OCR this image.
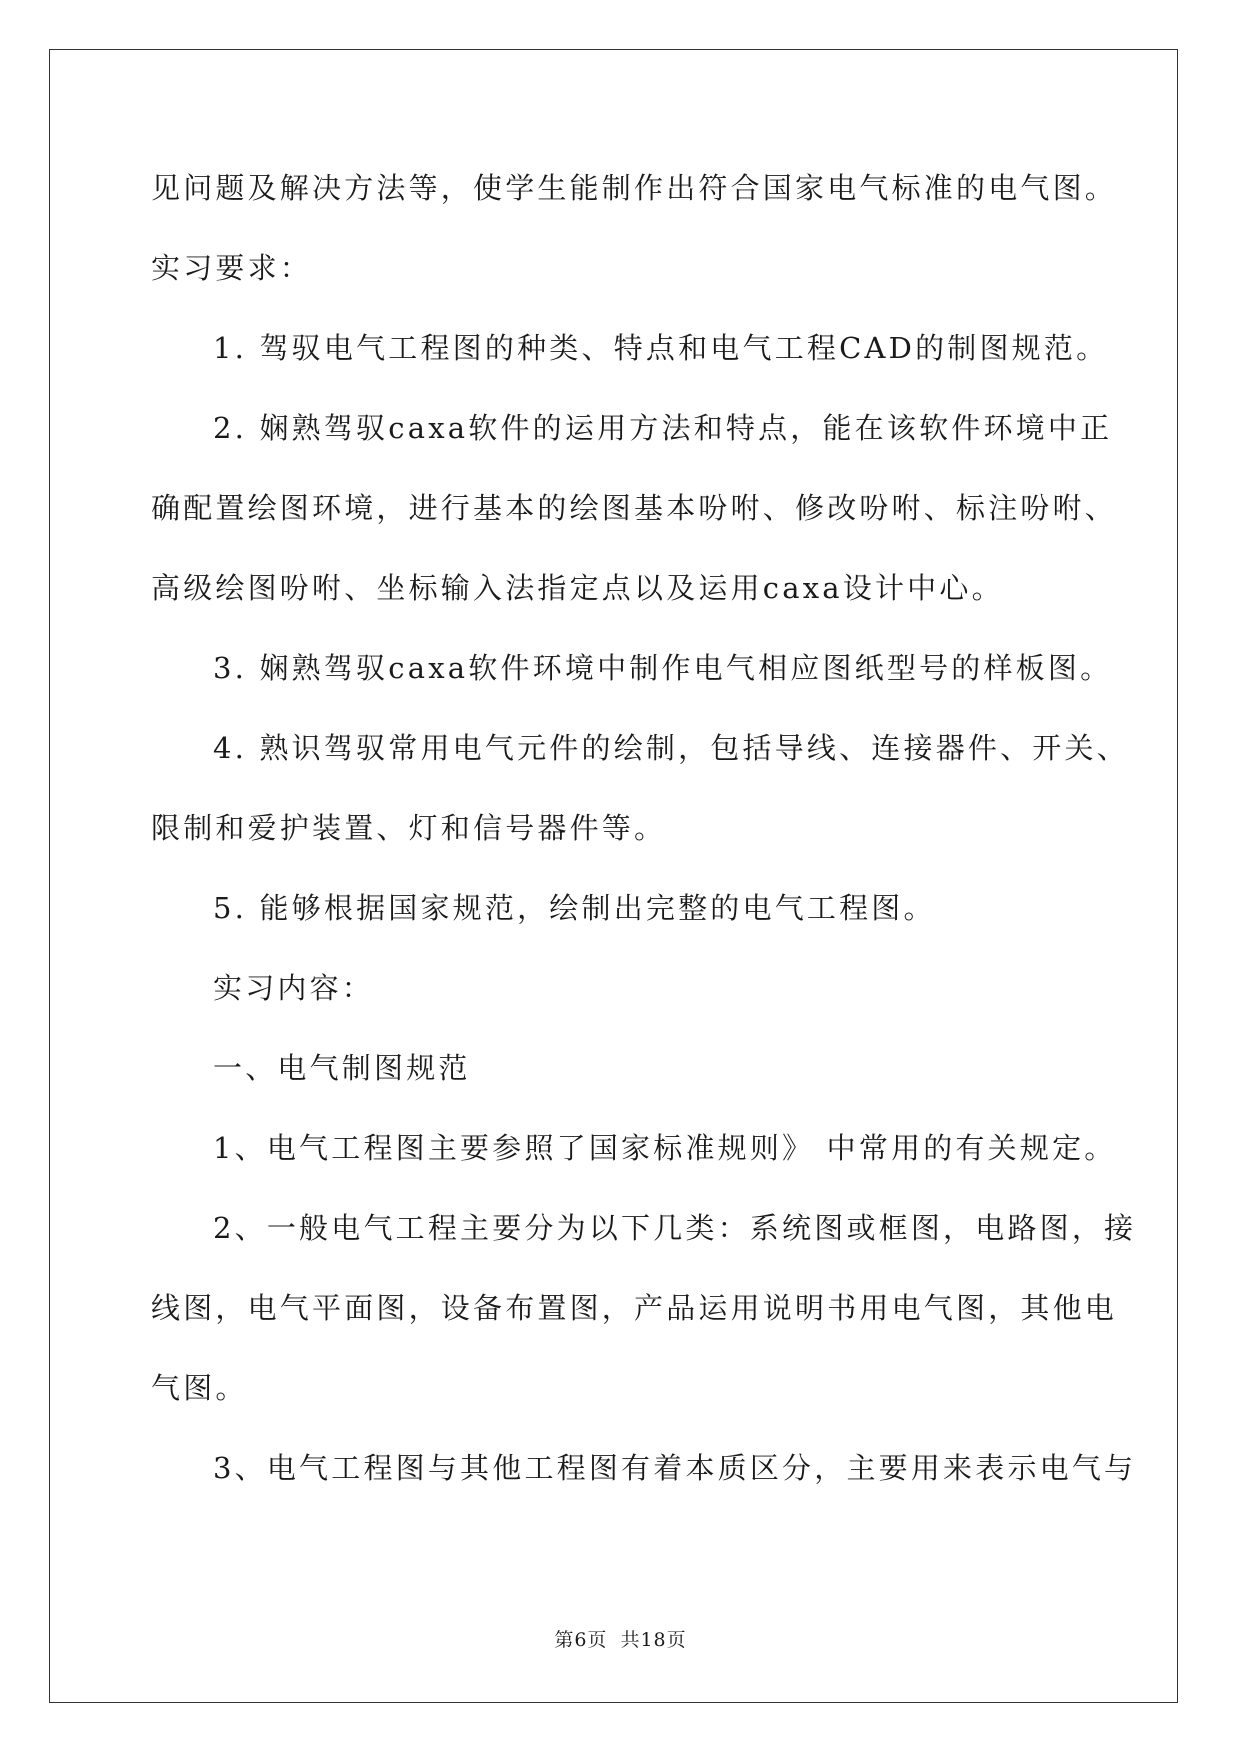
见问题及解决方法等，使学生能制作出符合国家电气标准的电气图。
实习要求：
1. 驾驭电气工程图的种类、特点和电气工程CAD的制图规范。
2. 娴熟驾驭caxa软件的运用方法和特点，能在该软件环境中正
确配置绘图环境，进行基本的绘图基本吩咐、修改吩咐、标注吩咐、
高级绘图吩咐、坐标输入法指定点以及运用caxa设计中心。
3. 娴熟驾驭caxa软件环境中制作电气相应图纸型号的样板图。
4. 熟识驾驭常用电气元件的绘制，包括导线、连接器件、开关、
限制和爱护装置、灯和信号器件等。
5. 能够根据国家规范，绘制出完整的电气工程图。
实习内容：
一、电气制图规范
1、电气工程图主要参照了国家标准规则》 中常用的有关规定。
2、一般电气工程主要分为以下几类：系统图或框图，电路图，接
线图，电气平面图，设备布置图，产品运用说明书用电气图，其他电
气图。
3、电气工程图与其他工程图有着本质区分，主要用来表示电气与
第6页 共18页
